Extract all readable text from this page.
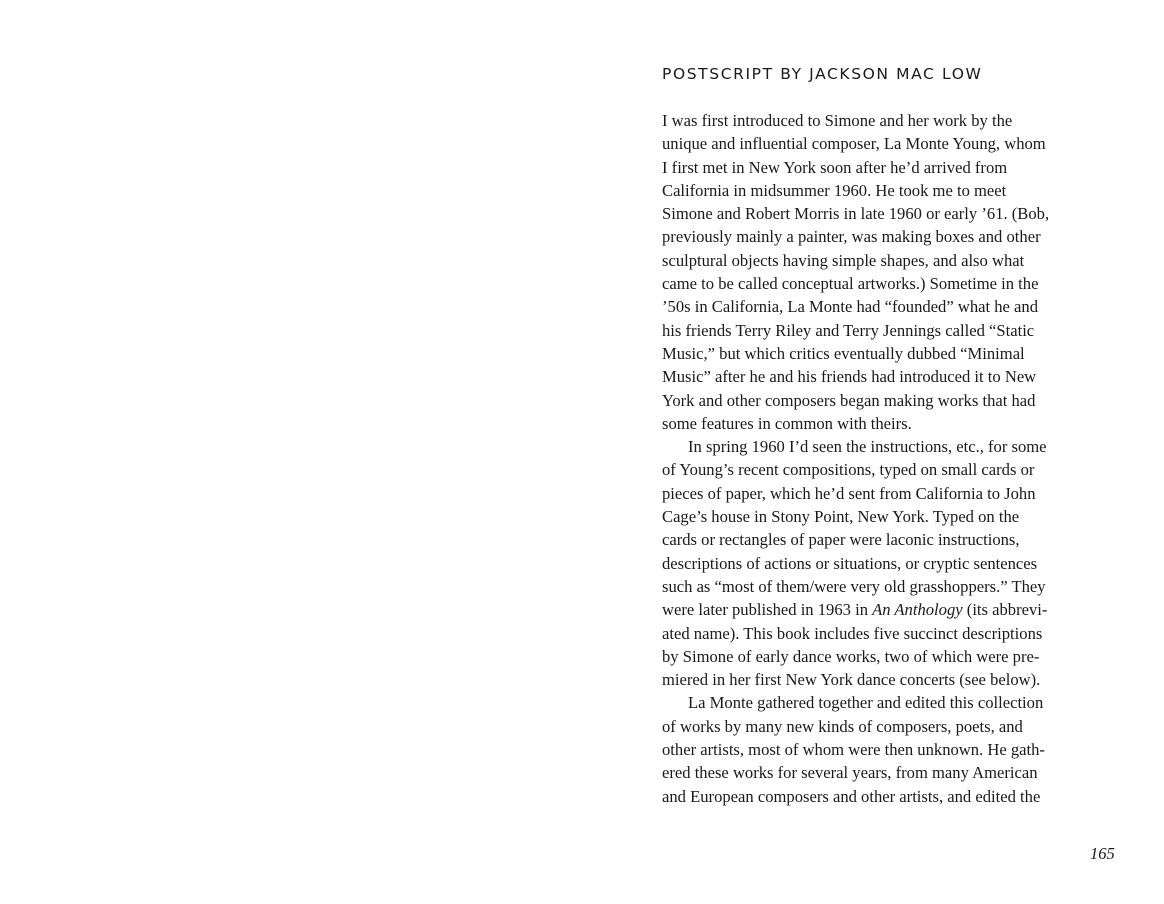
POSTSCRIPT BY JACKSON MAC LOW
I was first introduced to Simone and her work by the
unique and influential composer, La Monte Young, whom
I first met in New York soon after he’d arrived from
California in midsummer 1960. He took me to meet
Simone and Robert Morris in late 1960 or early ’61. (Bob,
previously mainly a painter, was making boxes and other
sculptural objects having simple shapes, and also what
came to be called conceptual artworks.) Sometime in the
’50s in California, La Monte had “founded” what he and
his friends Terry Riley and Terry Jennings called “Static
Music,” but which critics eventually dubbed “Minimal
Music” after he and his friends had introduced it to New
York and other composers began making works that had
some features in common with theirs.
In spring 1960 I’d seen the instructions, etc., for some
of Young’s recent compositions, typed on small cards or
pieces of paper, which he’d sent from California to John
Cage’s house in Stony Point, New York. Typed on the
cards or rectangles of paper were laconic instructions,
descriptions of actions or situations, or cryptic sentences
such as “most of them/were very old grasshoppers.” They
were later published in 1963 in An Anthology (its abbrevi-
ated name). This book includes five succinct descriptions
by Simone of early dance works, two of which were pre-
miered in her first New York dance concerts (see below).
La Monte gathered together and edited this collection
of works by many new kinds of composers, poets, and
other artists, most of whom were then unknown. He gath-
ered these works for several years, from many American
and European composers and other artists, and edited the
165
